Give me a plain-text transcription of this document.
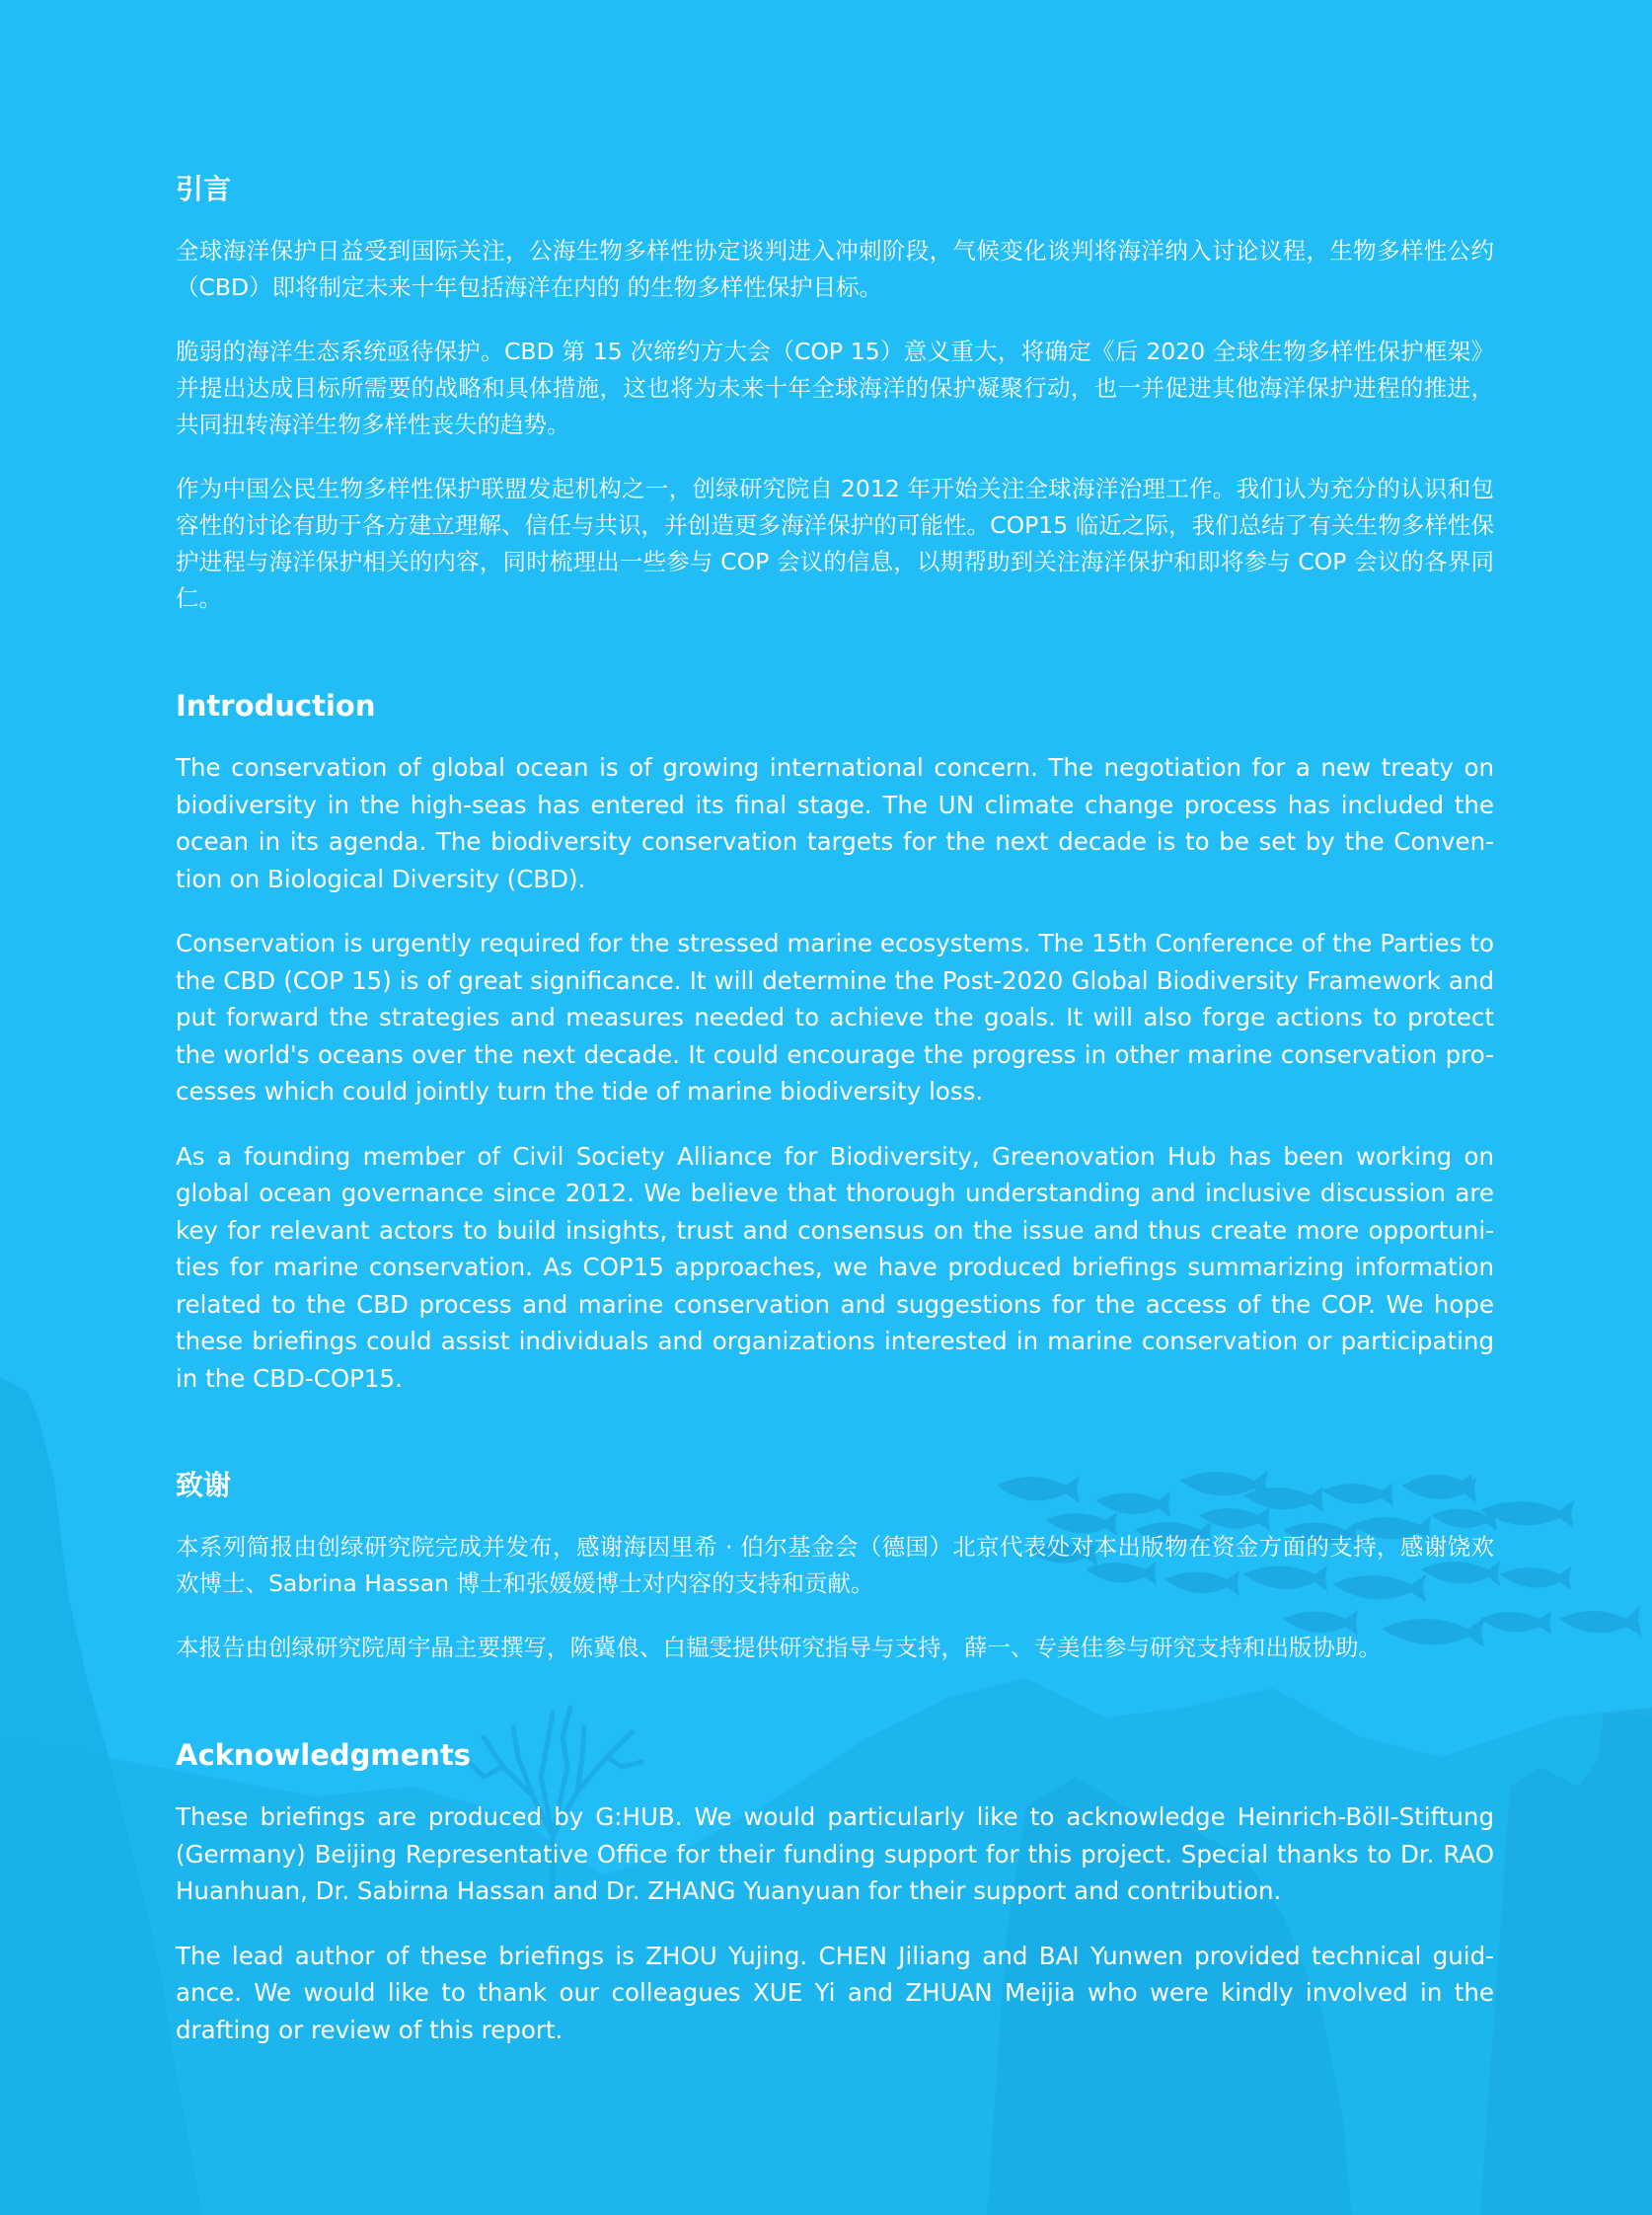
引言

全球海洋保护日益受到国际关注，公海生物多样性协定谈判进入冲刺阶段，气候变化谈判将海洋纳入讨论议程，生物多样性公约（CBD）即将制定未来十年包括海洋在内的 的生物多样性保护目标。

脆弱的海洋生态系统亟待保护。CBD 第 15 次缔约方大会（COP 15）意义重大，将确定《后 2020 全球生物多样性保护框架》并提出达成目标所需要的战略和具体措施，这也将为未来十年全球海洋的保护凝聚行动，也一并促进其他海洋保护进程的推进，共同扭转海洋生物多样性丧失的趋势。

作为中国公民生物多样性保护联盟发起机构之一，创绿研究院自 2012 年开始关注全球海洋治理工作。我们认为充分的认识和包容性的讨论有助于各方建立理解、信任与共识，并创造更多海洋保护的可能性。COP15 临近之际，我们总结了有关生物多样性保护进程与海洋保护相关的内容，同时梳理出一些参与 COP 会议的信息，以期帮助到关注海洋保护和即将参与 COP 会议的各界同仁。

Introduction

The conservation of global ocean is of growing international concern. The negotiation for a new treaty on biodiversity in the high-seas has entered its final stage. The UN climate change process has included the ocean in its agenda. The biodiversity conservation targets for the next decade is to be set by the Conven-tion on Biological Diversity (CBD).

Conservation is urgently required for the stressed marine ecosystems. The 15th Conference of the Parties to the CBD (COP 15) is of great significance. It will determine the Post-2020 Global Biodiversity Framework and put forward the strategies and measures needed to achieve the goals. It will also forge actions to protect the world's oceans over the next decade. It could encourage the progress in other marine conservation pro-cesses which could jointly turn the tide of marine biodiversity loss.

As a founding member of Civil Society Alliance for Biodiversity, Greenovation Hub has been working on global ocean governance since 2012. We believe that thorough understanding and inclusive discussion are key for relevant actors to build insights, trust and consensus on the issue and thus create more opportuni-ties for marine conservation. As COP15 approaches, we have produced briefings summarizing information related to the CBD process and marine conservation and suggestions for the access of the COP. We hope these briefings could assist individuals and organizations interested in marine conservation or participating in the CBD-COP15.

致谢

本系列简报由创绿研究院完成并发布，感谢海因里希 · 伯尔基金会（德国）北京代表处对本出版物在资金方面的支持，感谢饶欢欢博士、Sabrina Hassan 博士和张媛媛博士对内容的支持和贡献。

本报告由创绿研究院周宇晶主要撰写，陈冀俍、白韫雯提供研究指导与支持，薛一、专美佳参与研究支持和出版协助。

Acknowledgments

These briefings are produced by G:HUB. We would particularly like to acknowledge Heinrich-Böll-Stiftung (Germany) Beijing Representative Office for their funding support for this project. Special thanks to Dr. RAO Huanhuan, Dr. Sabirna Hassan and Dr. ZHANG Yuanyuan for their support and contribution.

The lead author of these briefings is ZHOU Yujing. CHEN Jiliang and BAI Yunwen provided technical guid-ance. We would like to thank our colleagues XUE Yi and ZHUAN Meijia who were kindly involved in the drafting or review of this report.
